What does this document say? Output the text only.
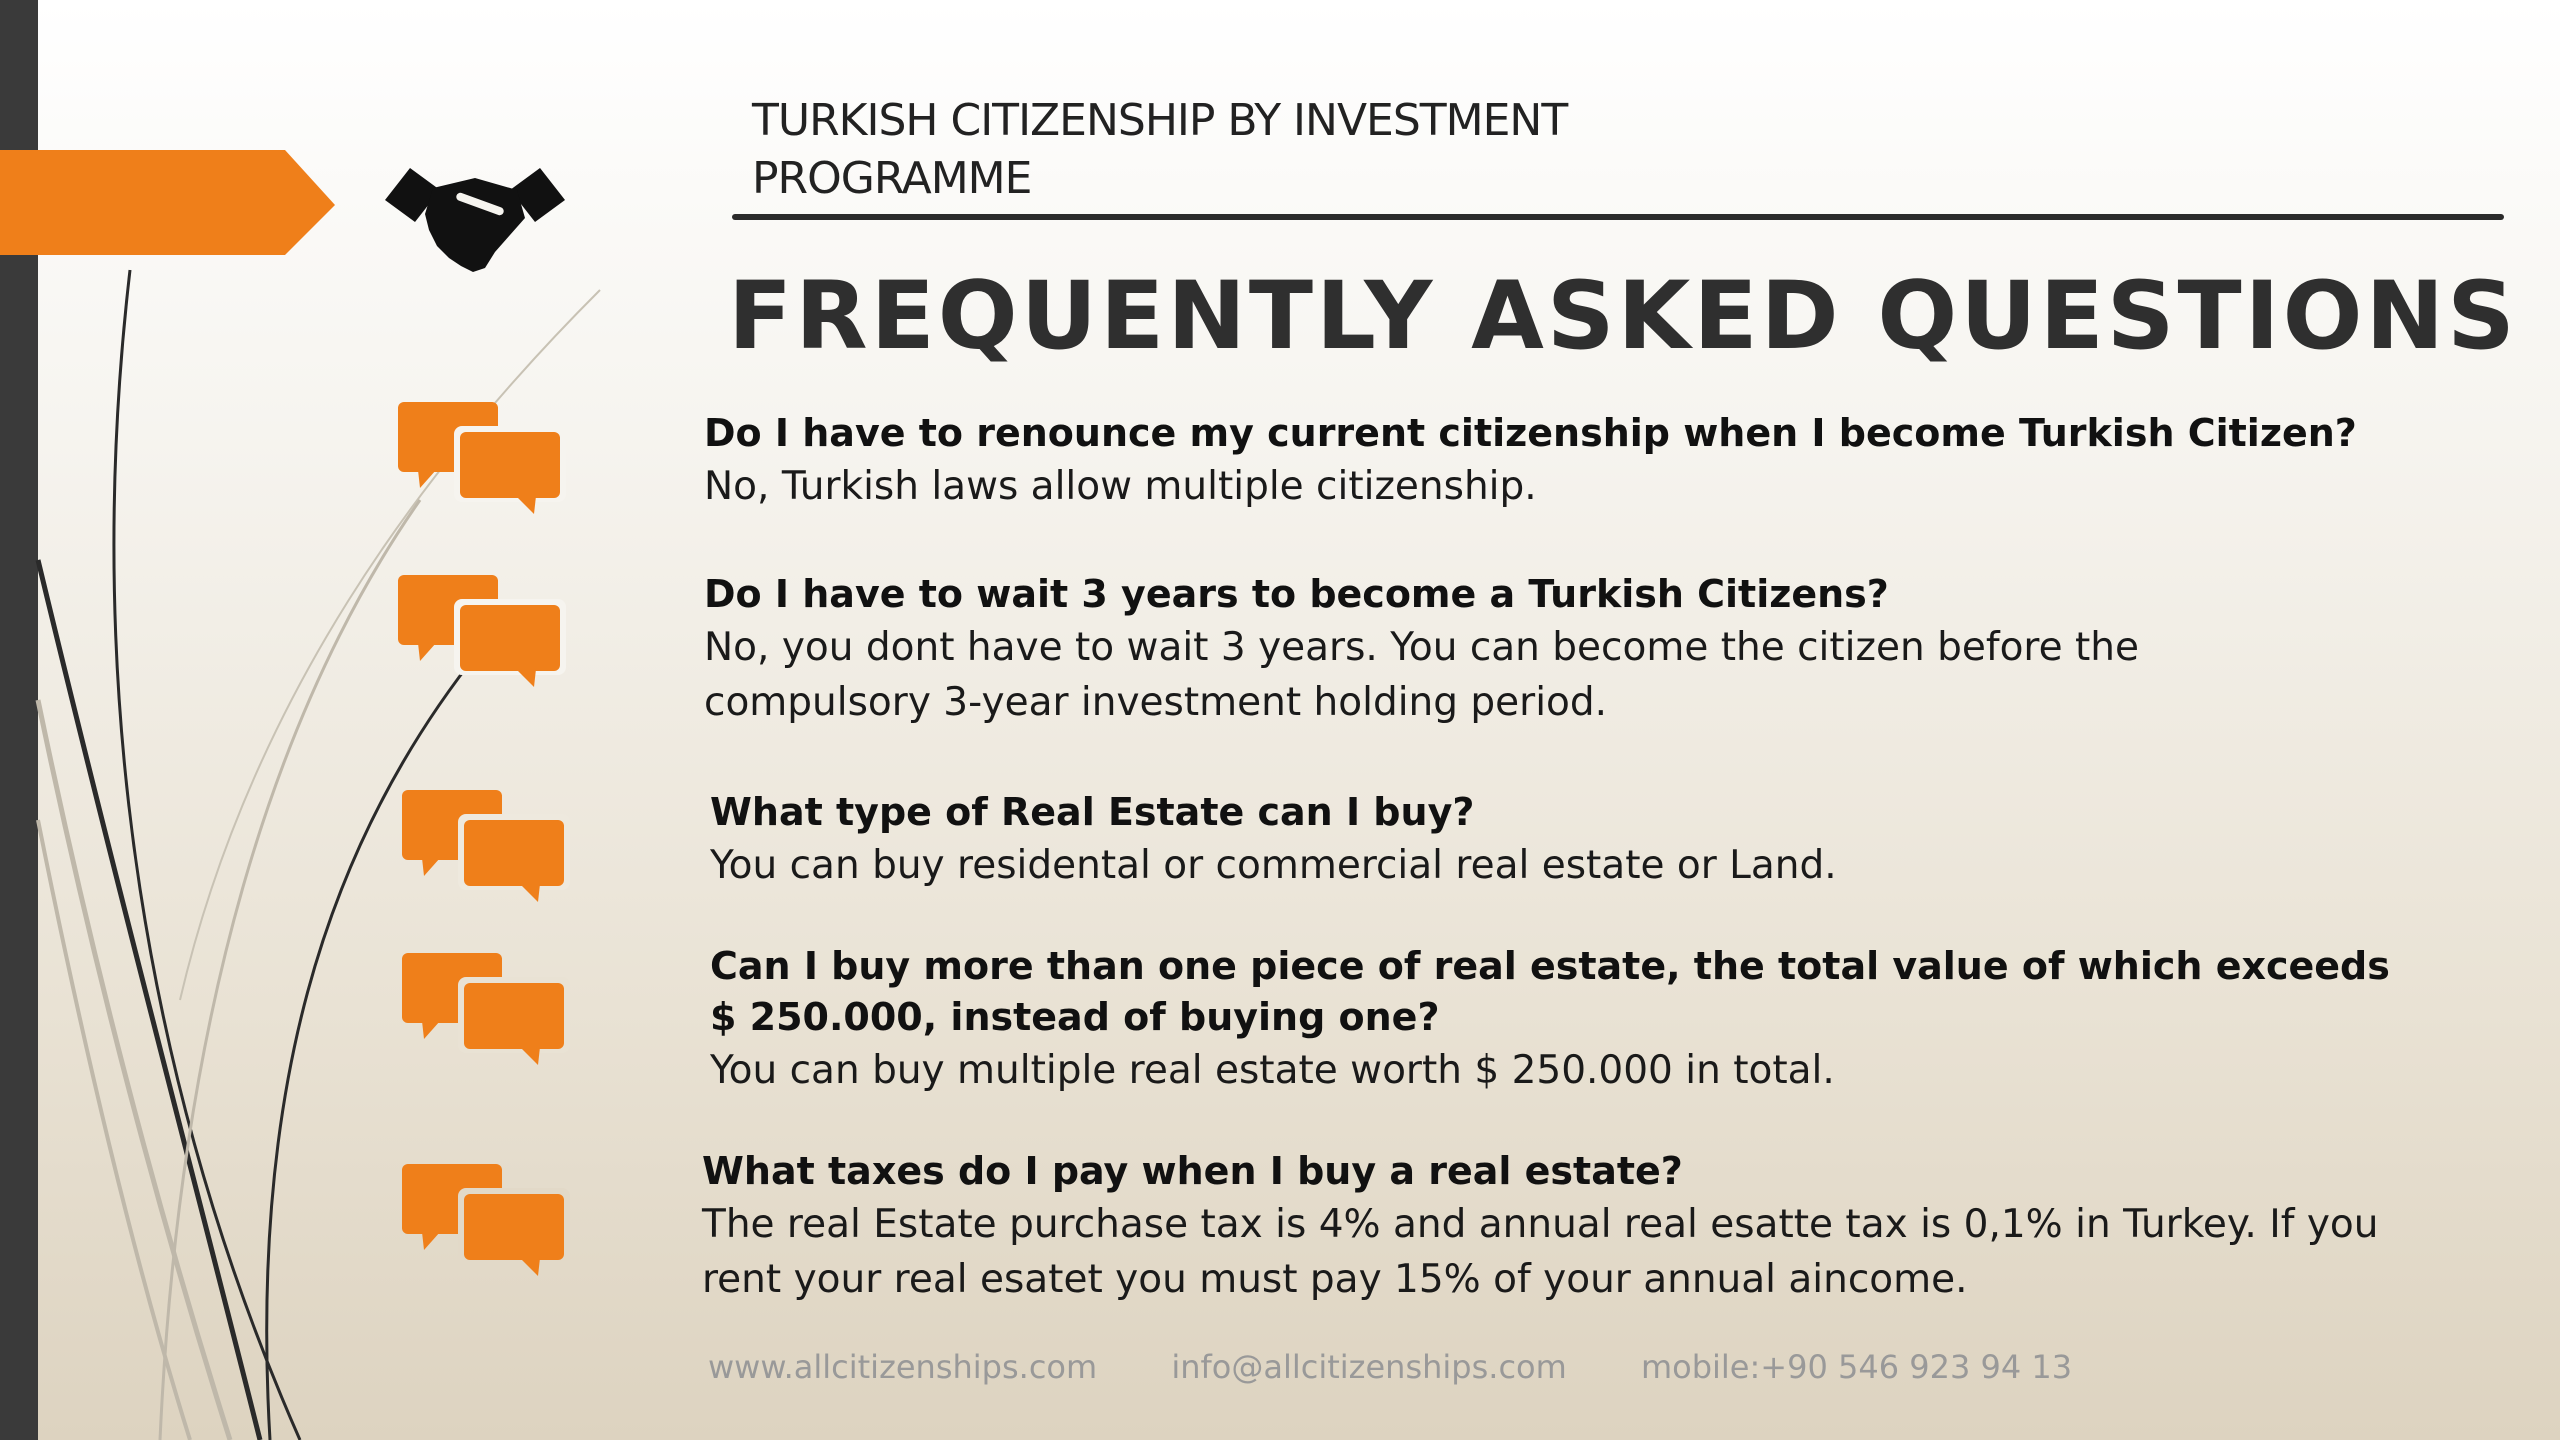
TURKISH CITIZENSHIP BY INVESTMENT
PROGRAMME
FREQUENTLY ASKED QUESTIONS
Do I have to renounce my current citizenship when I become Turkish Citizen?
No, Turkish laws allow multiple citizenship.
Do I have to wait 3 years to become a Turkish Citizens?
No, you dont have to wait 3 years. You can become the citizen before the compulsory 3-year investment holding period.
What type of Real Estate can I buy?
You can buy residental or commercial real estate or Land.
Can I buy more than one piece of real estate, the total value of which exceeds $ 250.000, instead of buying one?
You can buy multiple real estate worth $ 250.000 in total.
What taxes do I pay when I buy a real estate?
The real Estate purchase tax is 4% and annual real esatte tax is 0,1% in Turkey. If you rent your real esatet you must pay 15% of your annual aincome.
www.allcitizenships.com info@allcitizenships.com mobile:+90 546 923 94 13
